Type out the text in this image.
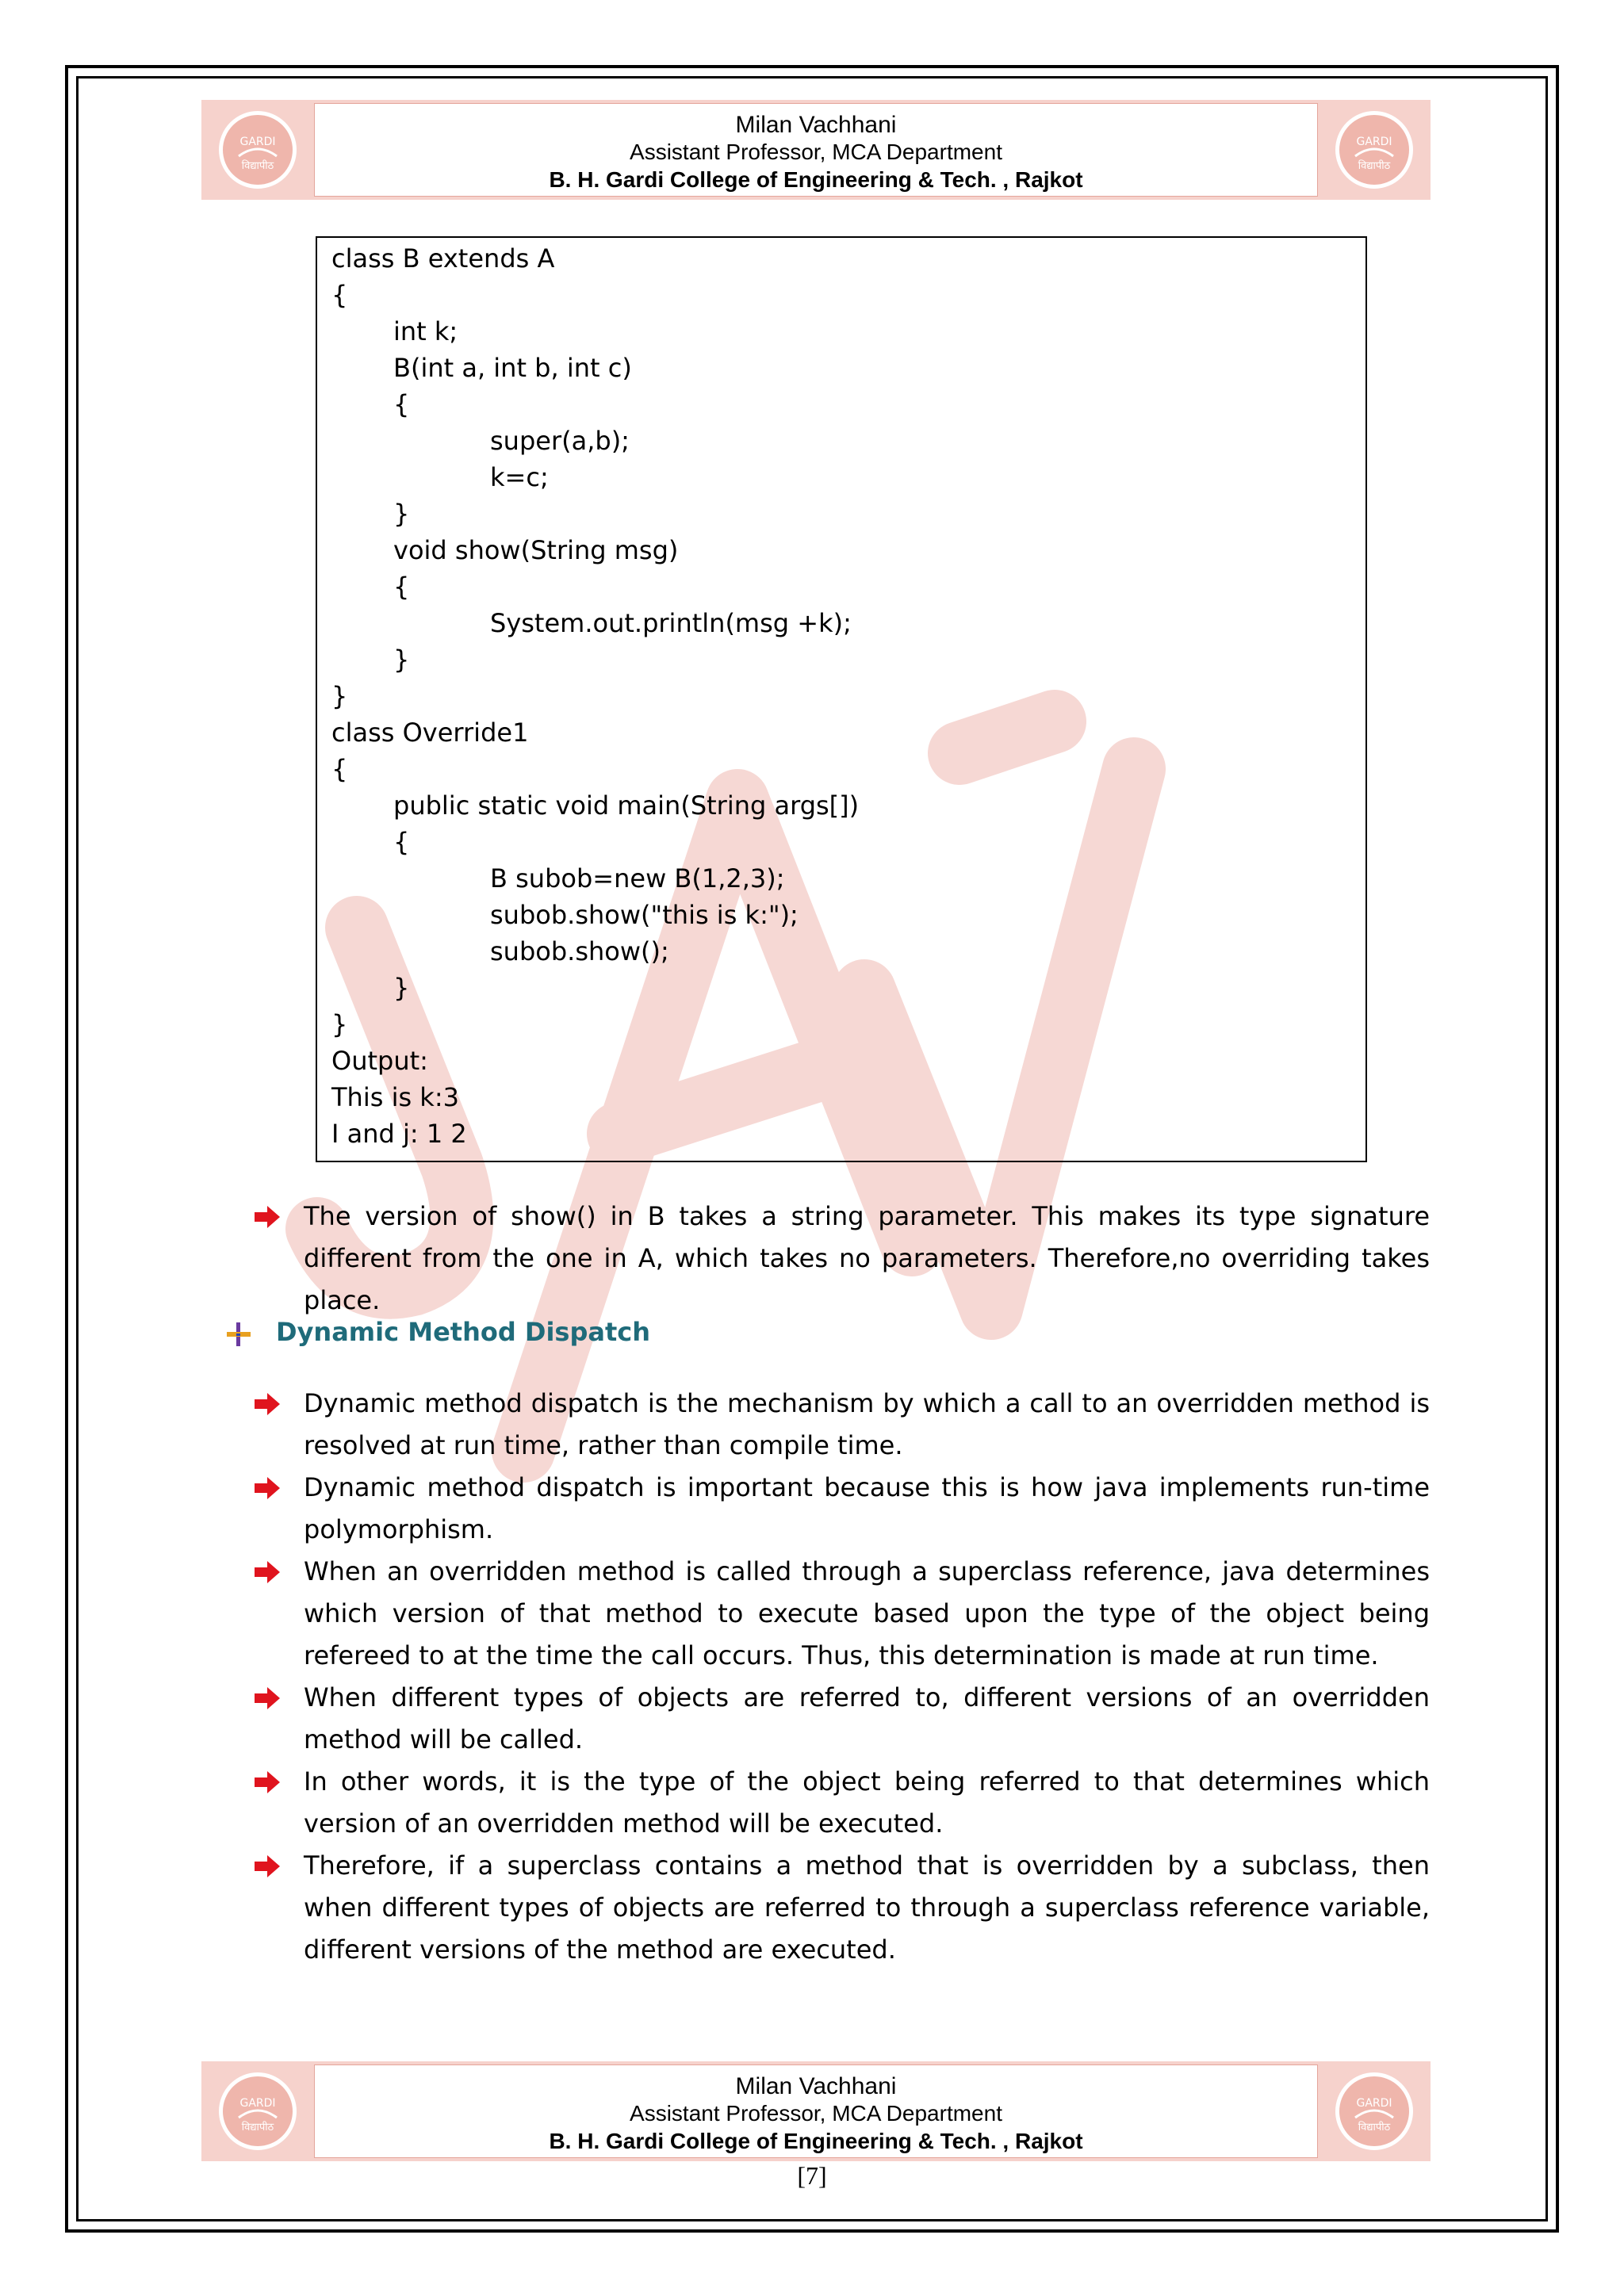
GARDI
विद्यापीठ
Milan Vachhani
Assistant Professor, MCA Department
B. H. Gardi College of Engineering & Tech. , Rajkot
GARDI
विद्यापीठ
class B extends A
{
int k;
B(int a, int b, int c)
{
super(a,b);
k=c;
}
void show(String msg)
{
System.out.println(msg +k);
}
}
class Override1
{
public static void main(String args[])
{
B subob=new B(1,2,3);
subob.show("this is k:");
subob.show();
}
}
Output:
This is k:3
I and j: 1 2
The version of show() in B takes a string parameter. This makes its type signature different from the one in A, which takes no parameters. Therefore,no overriding takes place.
Dynamic Method Dispatch
Dynamic method dispatch is the mechanism by which a call to an overridden method is resolved at run time, rather than compile time.
Dynamic method dispatch is important because this is how java implements run-time polymorphism.
When an overridden method is called through a superclass reference, java determines which version of that method to execute based upon the type of the object being refereed to at the time the call occurs. Thus, this determination is made at run time.
When different types of objects are referred to, different versions of an overridden method will be called.
In other words, it is the type of the object being referred to that determines which version of an overridden method will be executed.
Therefore, if a superclass contains a method that is overridden by a subclass, then when different types of objects are referred to through a superclass reference variable, different versions of the method are executed.
GARDI
विद्यापीठ
Milan Vachhani
Assistant Professor, MCA Department
B. H. Gardi College of Engineering & Tech. , Rajkot
GARDI
विद्यापीठ
[7]
